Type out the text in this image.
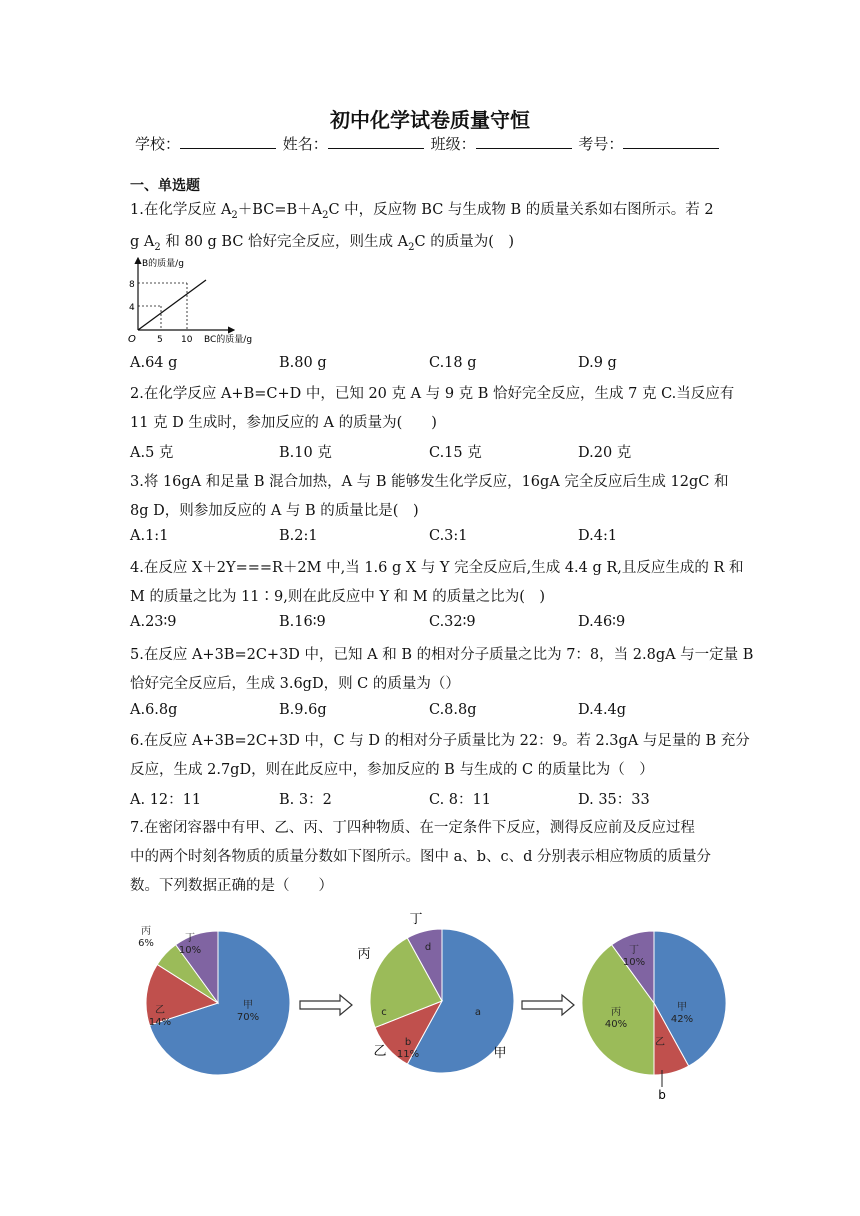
初中化学试卷质量守恒
学校：	姓名：	班级：	考号：
一、单选题
1.在化学反应 $A_2+BC=B+A_2C$ 中，反应物 BC 与生成物 B 的质量关系如右图所示。若 2
g $A_2$ 和 80 g BC 恰好完全反应，则生成 $A_2C$ 的质量为(　)
B的质量/g
BC的质量/g
O 5 10
4
8
A.64 g	B.80 g	C.18 g	D.9 g
2.在化学反应 A+B=C+D 中，已知 20 克 A 与 9 克 B 恰好完全反应，生成 7 克 C.当反应有
11 克 D 生成时，参加反应的 A 的质量为(　　)
A.5 克	B.10 克	C.15 克	D.20 克
3.将 16gA 和足量 B 混合加热，A 与 B 能够发生化学反应，16gA 完全反应后生成 12gC 和
8g D，则参加反应的 A 与 B 的质量比是(　)
A.1:1	B.2:1	C.3:1	D.4:1
4.在反应 X＋2Y===R＋2M 中,当 1.6 g X 与 Y 完全反应后,生成 4.4 g R,且反应生成的 R 和
M 的质量之比为 11∶9,则在此反应中 Y 和 M 的质量之比为(　)
A.23∶9	B.16∶9	C.32∶9	D.46∶9
5.在反应 A+3B=2C+3D 中，已知 A 和 B 的相对分子质量之比为 7：8，当 2.8gA 与一定量 B
恰好完全反应后，生成 3.6gD，则 C 的质量为（）
A.6.8g	B.9.6g	C.8.8g	D.4.4g
6.在反应 A+3B=2C+3D 中，C 与 D 的相对分子质量比为 22：9。若 2.3gA 与足量的 B 充分
反应，生成 2.7gD，则在此反应中，参加反应的 B 与生成的 C 的质量比为（　）
A. 12：11	B. 3：2	C. 8：11	D. 35：33
7.在密闭容器中有甲、乙、丙、丁四种物质、在一定条件下反应，测得反应前及反应过程
中的两个时刻各物质的质量分数如下图所示。图中 a、b、c、d 分别表示相应物质的质量分
数。下列数据正确的是（　　）
甲 70%
乙 14%
丙 6%	丁 10%
a
b 11%
c
d
甲
乙
丙
丁
甲 42%
乙
丙 40%
丁 10%
b
